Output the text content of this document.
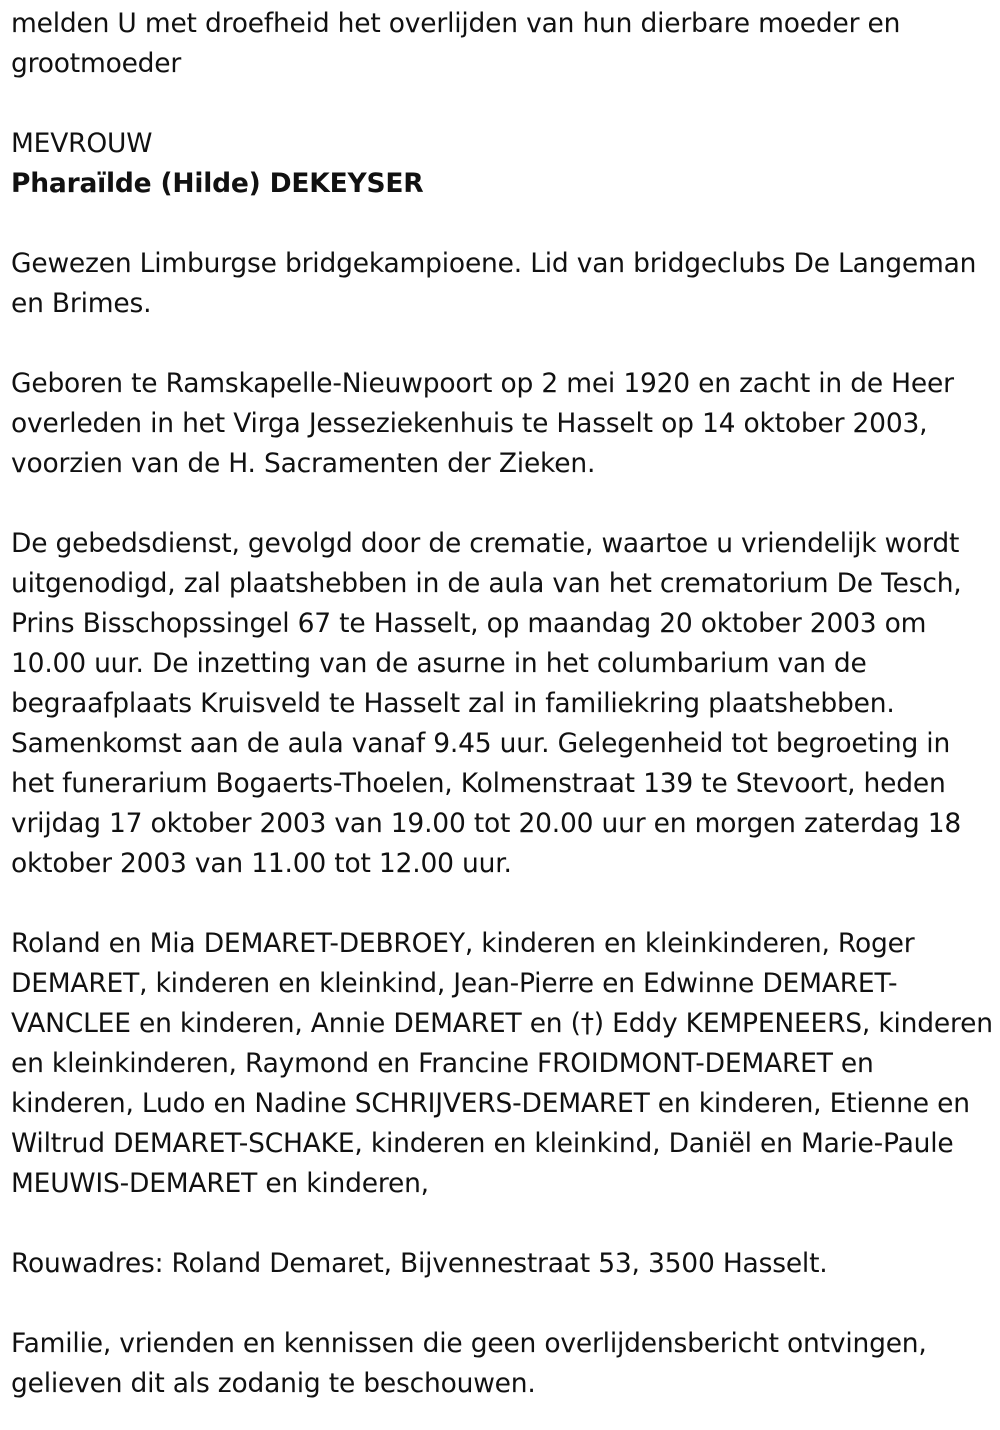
melden U met droefheid het overlijden van hun dierbare moeder en grootmoeder

MEVROUW

Pharaïlde (Hilde) DEKEYSER

Gewezen Limburgse bridgekampioene. Lid van bridgeclubs De Langeman en Brimes.

Geboren te Ramskapelle-Nieuwpoort op 2 mei 1920 en zacht in de Heer overleden in het Virga Jesseziekenhuis te Hasselt op 14 oktober 2003, voorzien van de H. Sacramenten der Zieken.

De gebedsdienst, gevolgd door de crematie, waartoe u vriendelijk wordt uitgenodigd, zal plaatshebben in de aula van het crematorium De Tesch, Prins Bisschopssingel 67 te Hasselt, op maandag 20 oktober 2003 om 10.00 uur. De inzetting van de asurne in het columbarium van de begraafplaats Kruisveld te Hasselt zal in familiekring plaatshebben. Samenkomst aan de aula vanaf 9.45 uur. Gelegenheid tot begroeting in het funerarium Bogaerts-Thoelen, Kolmenstraat 139 te Stevoort, heden vrijdag 17 oktober 2003 van 19.00 tot 20.00 uur en morgen zaterdag 18 oktober 2003 van 11.00 tot 12.00 uur.

Roland en Mia DEMARET-DEBROEY, kinderen en kleinkinderen, Roger DEMARET, kinderen en kleinkind, Jean-Pierre en Edwinne DEMARET-VANCLEE en kinderen, Annie DEMARET en (†) Eddy KEMPENEERS, kinderen en kleinkinderen, Raymond en Francine FROIDMONT-DEMARET en kinderen, Ludo en Nadine SCHRIJVERS-DEMARET en kinderen, Etienne en Wiltrud DEMARET-SCHAKE, kinderen en kleinkind, Daniël en Marie-Paule MEUWIS-DEMARET en kinderen,

Rouwadres: Roland Demaret, Bijvennestraat 53, 3500 Hasselt.

Familie, vrienden en kennissen die geen overlijdensbericht ontvingen, gelieven dit als zodanig te beschouwen.
